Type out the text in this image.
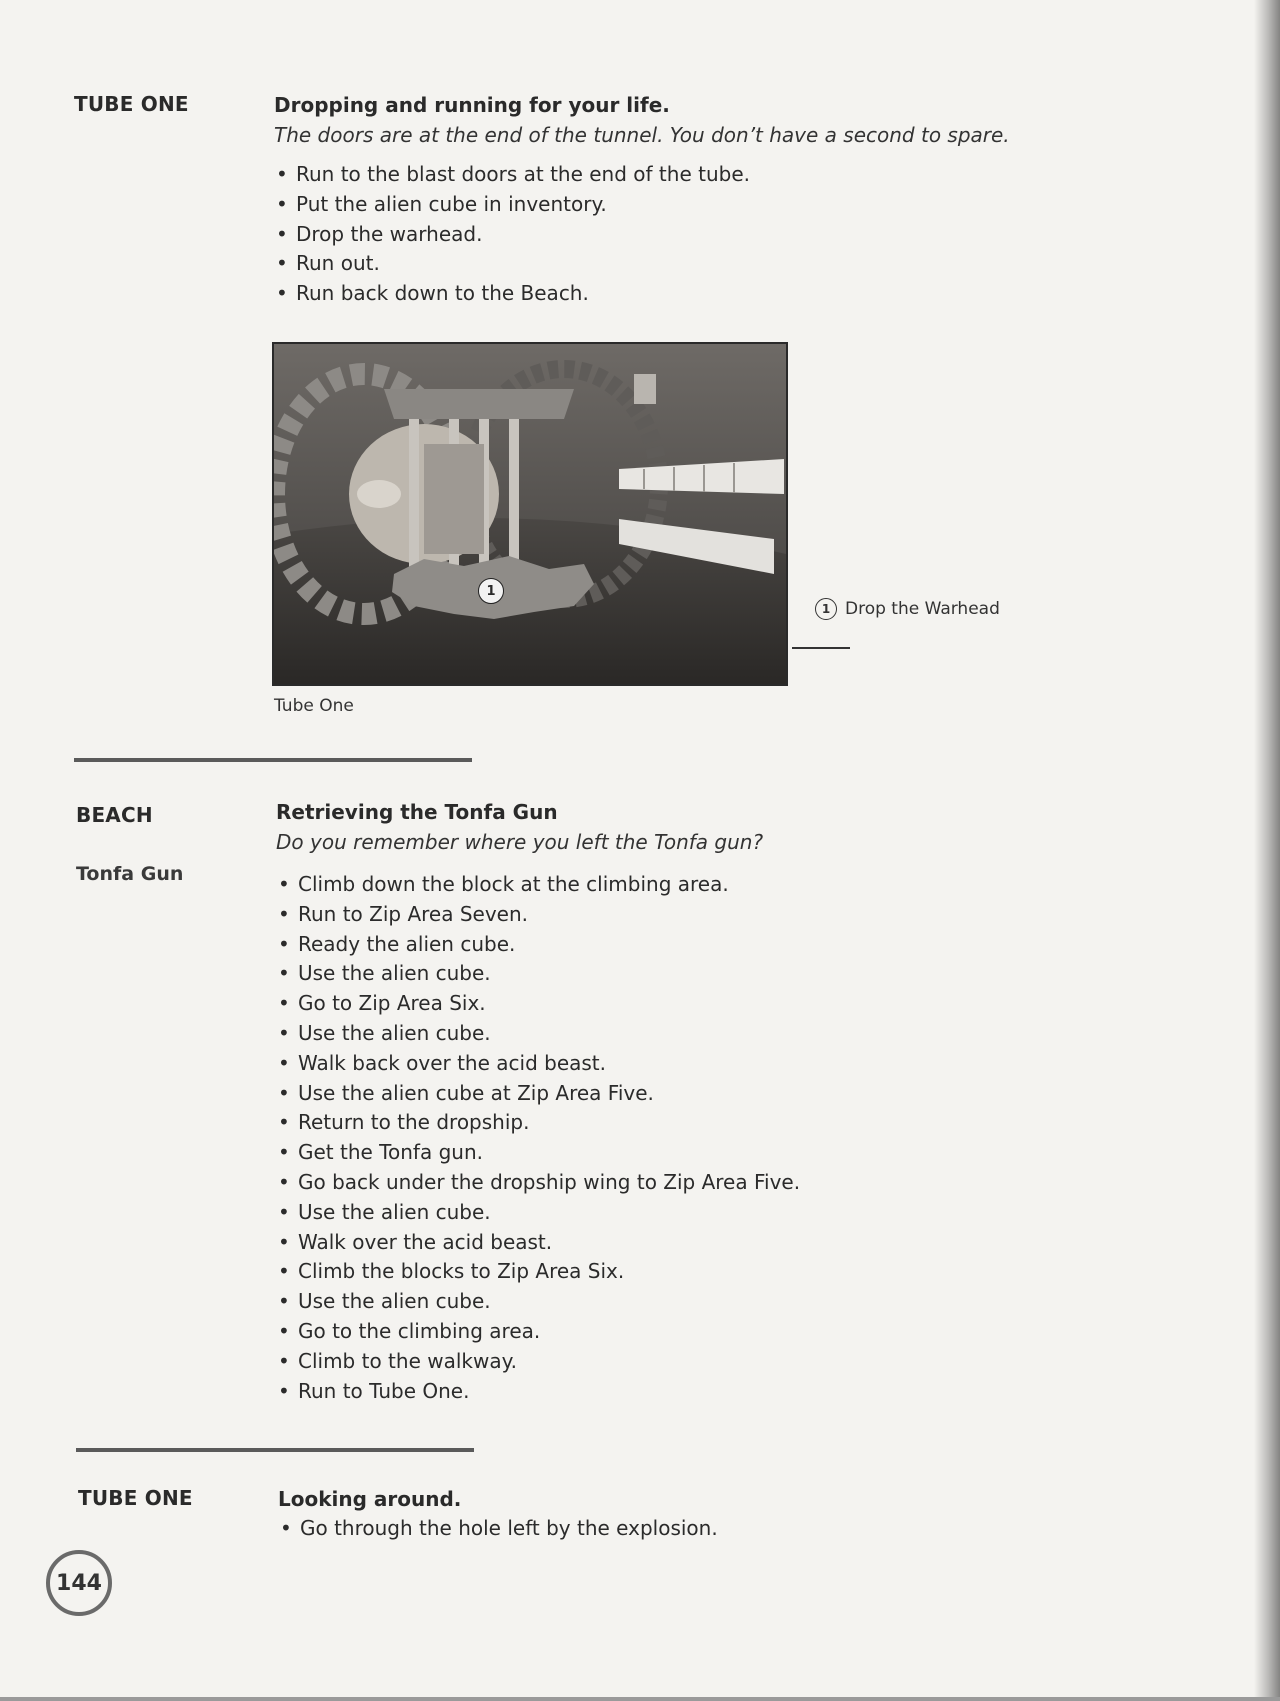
TUBE ONE	Dropping and running for your life.

The doors are at the end of the tunnel. You don’t have a second to spare.

• Run to the blast doors at the end of the tube.
• Put the alien cube in inventory.
• Drop the warhead.
• Run out.
• Run back down to the Beach.
1
Tube One
1 Drop the Warhead
BEACH
Tonfa Gun

Retrieving the Tonfa Gun

Do you remember where you left the Tonfa gun?

• Climb down the block at the climbing area.
• Run to Zip Area Seven.
• Ready the alien cube.
• Use the alien cube.
• Go to Zip Area Six.
• Use the alien cube.
• Walk back over the acid beast.
• Use the alien cube at Zip Area Five.
• Return to the dropship.
• Get the Tonfa gun.
• Go back under the dropship wing to Zip Area Five.
• Use the alien cube.
• Walk over the acid beast.
• Climb the blocks to Zip Area Six.
• Use the alien cube.
• Go to the climbing area.
• Climb to the walkway.
• Run to Tube One.
TUBE ONE	Looking around.

• Go through the hole left by the explosion.
144
